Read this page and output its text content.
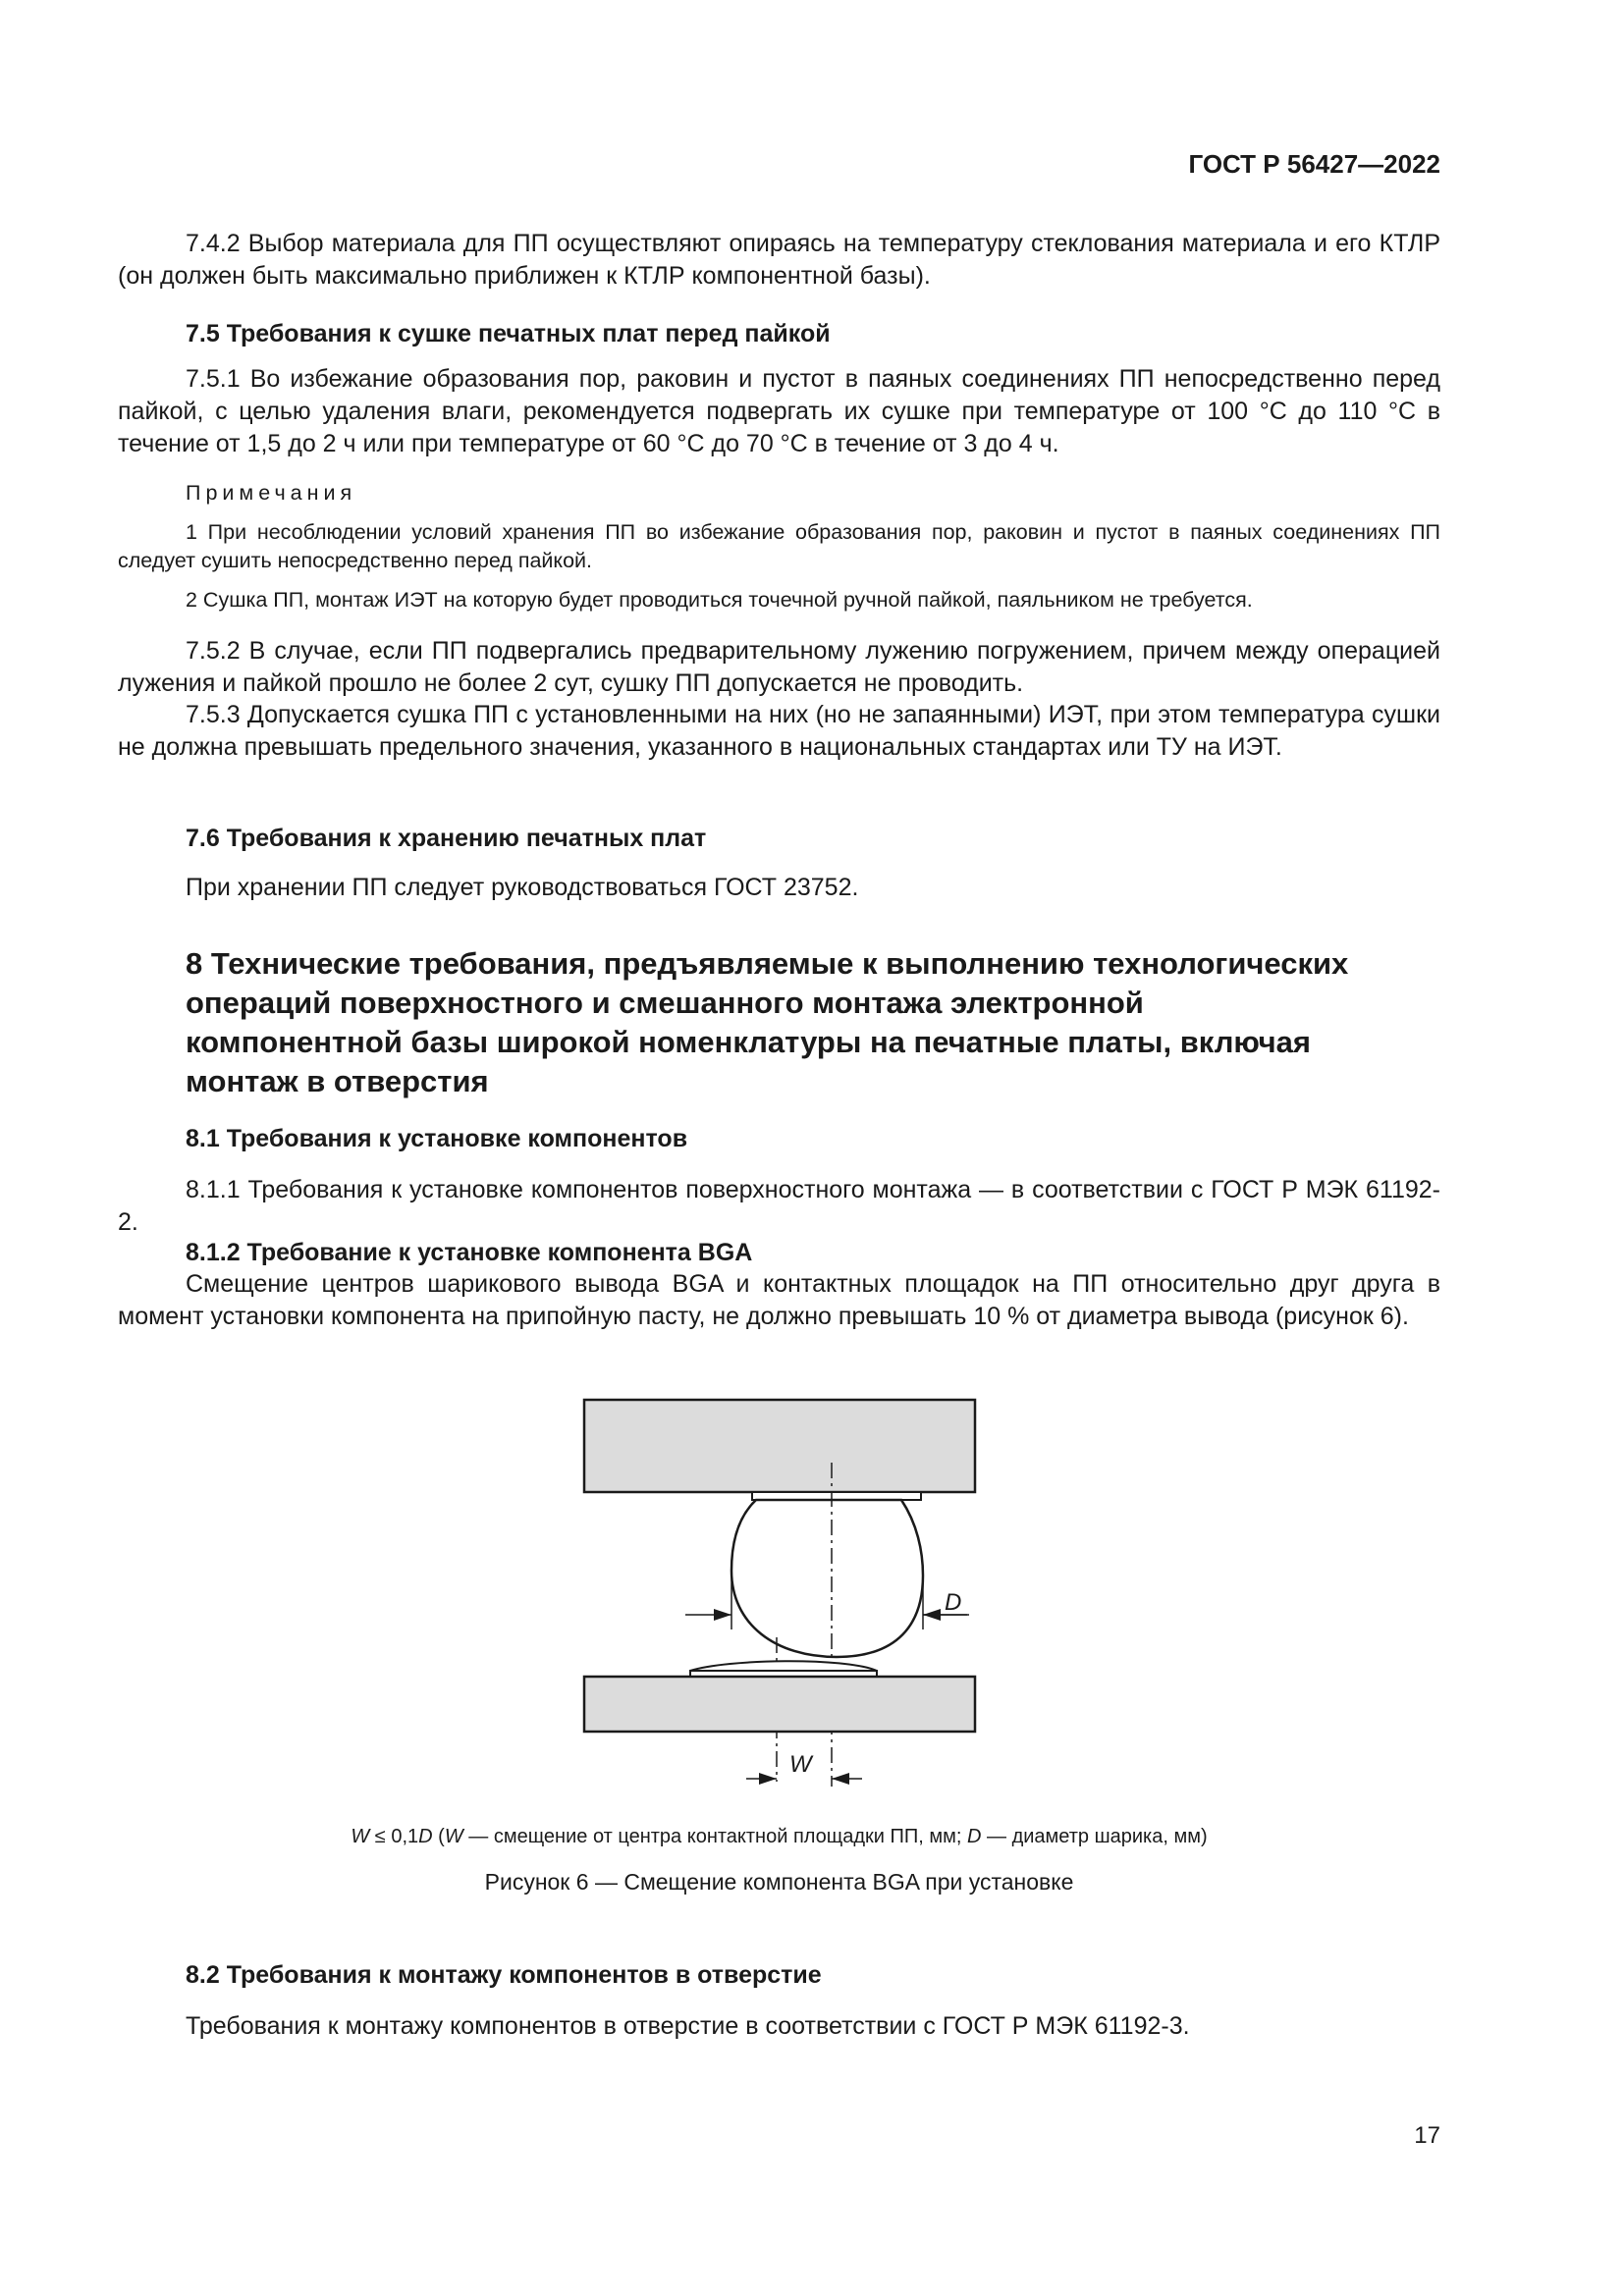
ГОСТ Р 56427—2022

7.4.2 Выбор материала для ПП осуществляют опираясь на температуру стеклования материала и его КТЛР (он должен быть максимально приближен к КТЛР компонентной базы).

7.5 Требования к сушке печатных плат перед пайкой

7.5.1 Во избежание образования пор, раковин и пустот в паяных соединениях ПП непосредственно перед пайкой, с целью удаления влаги, рекомендуется подвергать их сушке при температуре от 100 °С до 110 °С в течение от 1,5 до 2 ч или при температуре от 60 °С до 70 °С в течение от 3 до 4 ч.

Примечания

1 При несоблюдении условий хранения ПП во избежание образования пор, раковин и пустот в паяных соединениях ПП следует сушить непосредственно перед пайкой.

2 Сушка ПП, монтаж ИЭТ на которую будет проводиться точечной ручной пайкой, паяльником не требуется.

7.5.2 В случае, если ПП подвергались предварительному лужению погружением, причем между операцией лужения и пайкой прошло не более 2 сут, сушку ПП допускается не проводить.

7.5.3 Допускается сушка ПП с установленными на них (но не запаянными) ИЭТ, при этом температура сушки не должна превышать предельного значения, указанного в национальных стандартах или ТУ на ИЭТ.

7.6 Требования к хранению печатных плат

При хранении ПП следует руководствоваться ГОСТ 23752.

8 Технические требования, предъявляемые к выполнению технологических операций поверхностного и смешанного монтажа электронной компонентной базы широкой номенклатуры на печатные платы, включая монтаж в отверстия

8.1 Требования к установке компонентов

8.1.1 Требования к установке компонентов поверхностного монтажа — в соответствии с ГОСТ Р МЭК 61192-2.

8.1.2 Требование к установке компонента BGA

Смещение центров шарикового вывода BGA и контактных площадок на ПП относительно друг друга в момент установки компонента на припойную пасту, не должно превышать 10 % от диаметра вывода (рисунок 6).

D
W

W ≤ 0,1D (W — смещение от центра контактной площадки ПП, мм; D — диаметр шарика, мм)

Рисунок 6 — Смещение компонента BGA при установке

8.2 Требования к монтажу компонентов в отверстие

Требования к монтажу компонентов в отверстие в соответствии с ГОСТ Р МЭК 61192-3.

17
